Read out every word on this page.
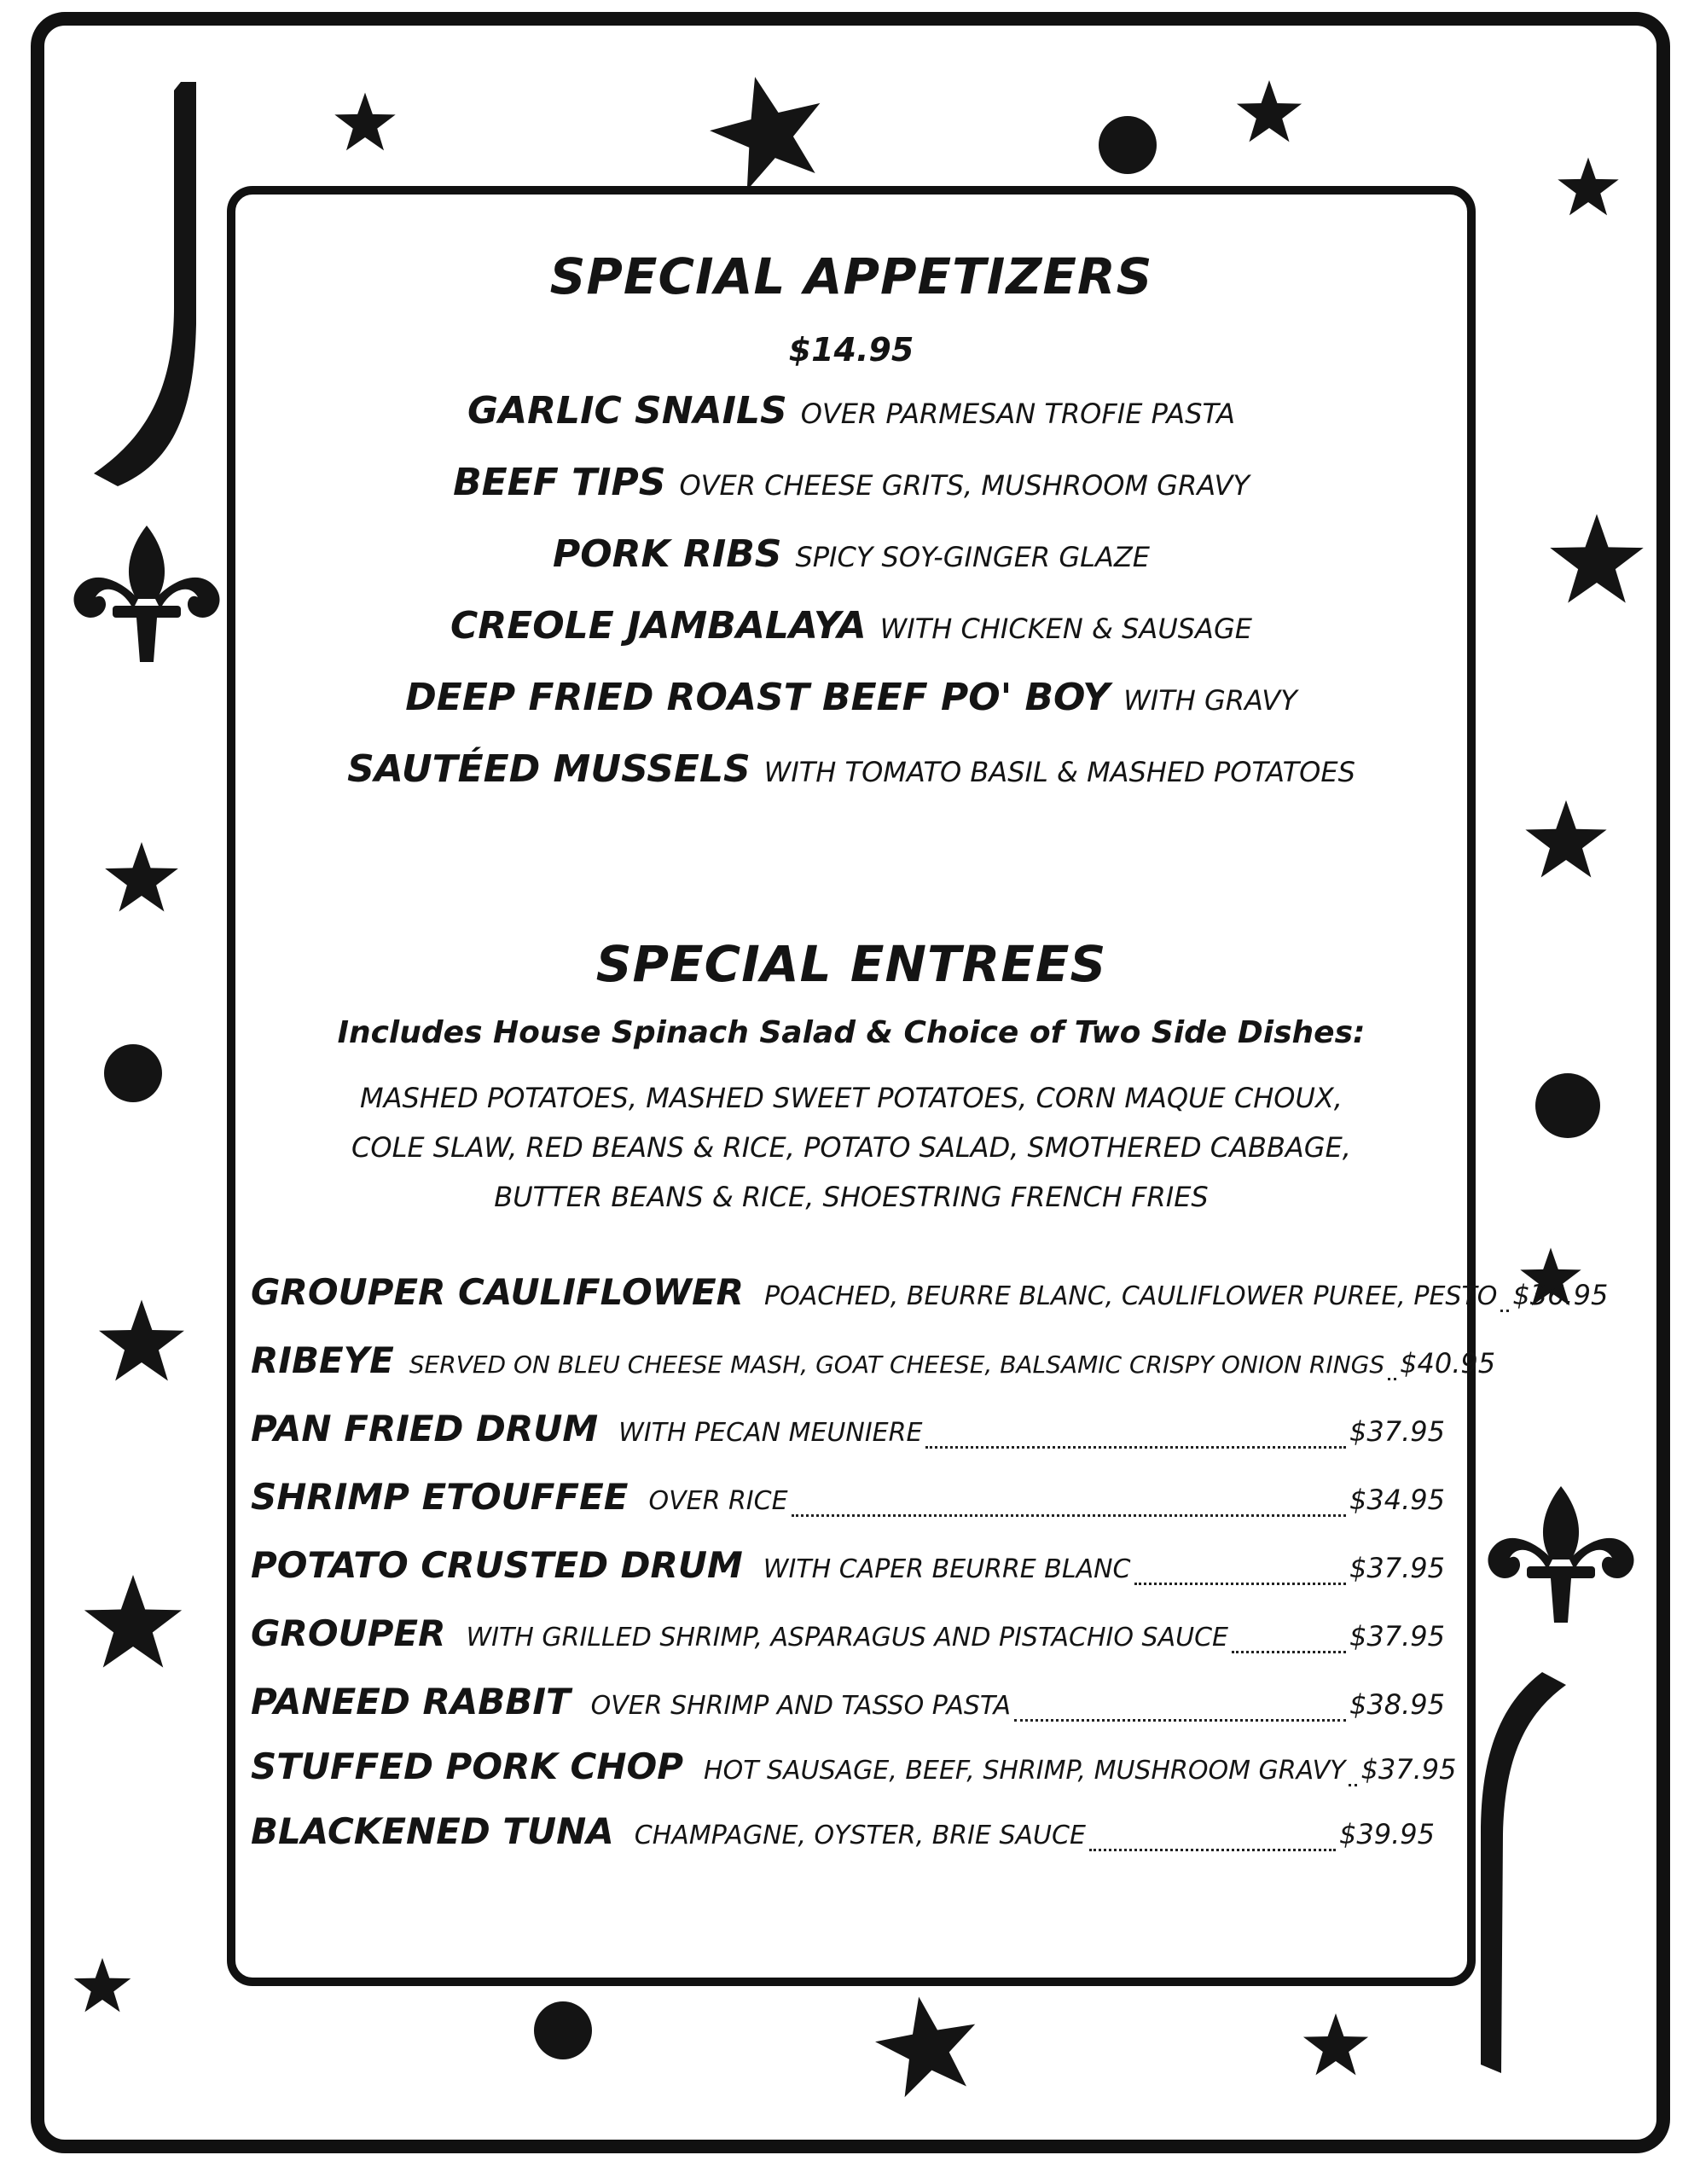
SPECIAL APPETIZERS
$14.95
GARLIC SNAILS OVER PARMESAN TROFIE PASTA
BEEF TIPS OVER CHEESE GRITS, MUSHROOM GRAVY
PORK RIBS SPICY SOY-GINGER GLAZE
CREOLE JAMBALAYA WITH CHICKEN & SAUSAGE
DEEP FRIED ROAST BEEF PO' BOY WITH GRAVY
SAUTÉED MUSSELS WITH TOMATO BASIL & MASHED POTATOES
SPECIAL ENTREES
Includes House Spinach Salad & Choice of Two Side Dishes:
MASHED POTATOES, MASHED SWEET POTATOES, CORN MAQUE CHOUX,
COLE SLAW, RED BEANS & RICE, POTATO SALAD, SMOTHERED CABBAGE,
BUTTER BEANS & RICE, SHOESTRING FRENCH FRIES
GROUPER CAULIFLOWER POACHED, BEURRE BLANC, CAULIFLOWER PUREE, PESTO $36.95
RIBEYE SERVED ON BLEU CHEESE MASH, GOAT CHEESE, BALSAMIC CRISPY ONION RINGS $40.95
PAN FRIED DRUM WITH PECAN MEUNIERE	$37.95
SHRIMP ETOUFFEE OVER RICE	$34.95
POTATO CRUSTED DRUM WITH CAPER BEURRE BLANC	$37.95
GROUPER WITH GRILLED SHRIMP, ASPARAGUS AND PISTACHIO SAUCE	$37.95
PANEED RABBIT OVER SHRIMP AND TASSO PASTA	$38.95
STUFFED PORK CHOP HOT SAUSAGE, BEEF, SHRIMP, MUSHROOM GRAVY $37.95
BLACKENED TUNA CHAMPAGNE, OYSTER, BRIE SAUCE	$39.95
